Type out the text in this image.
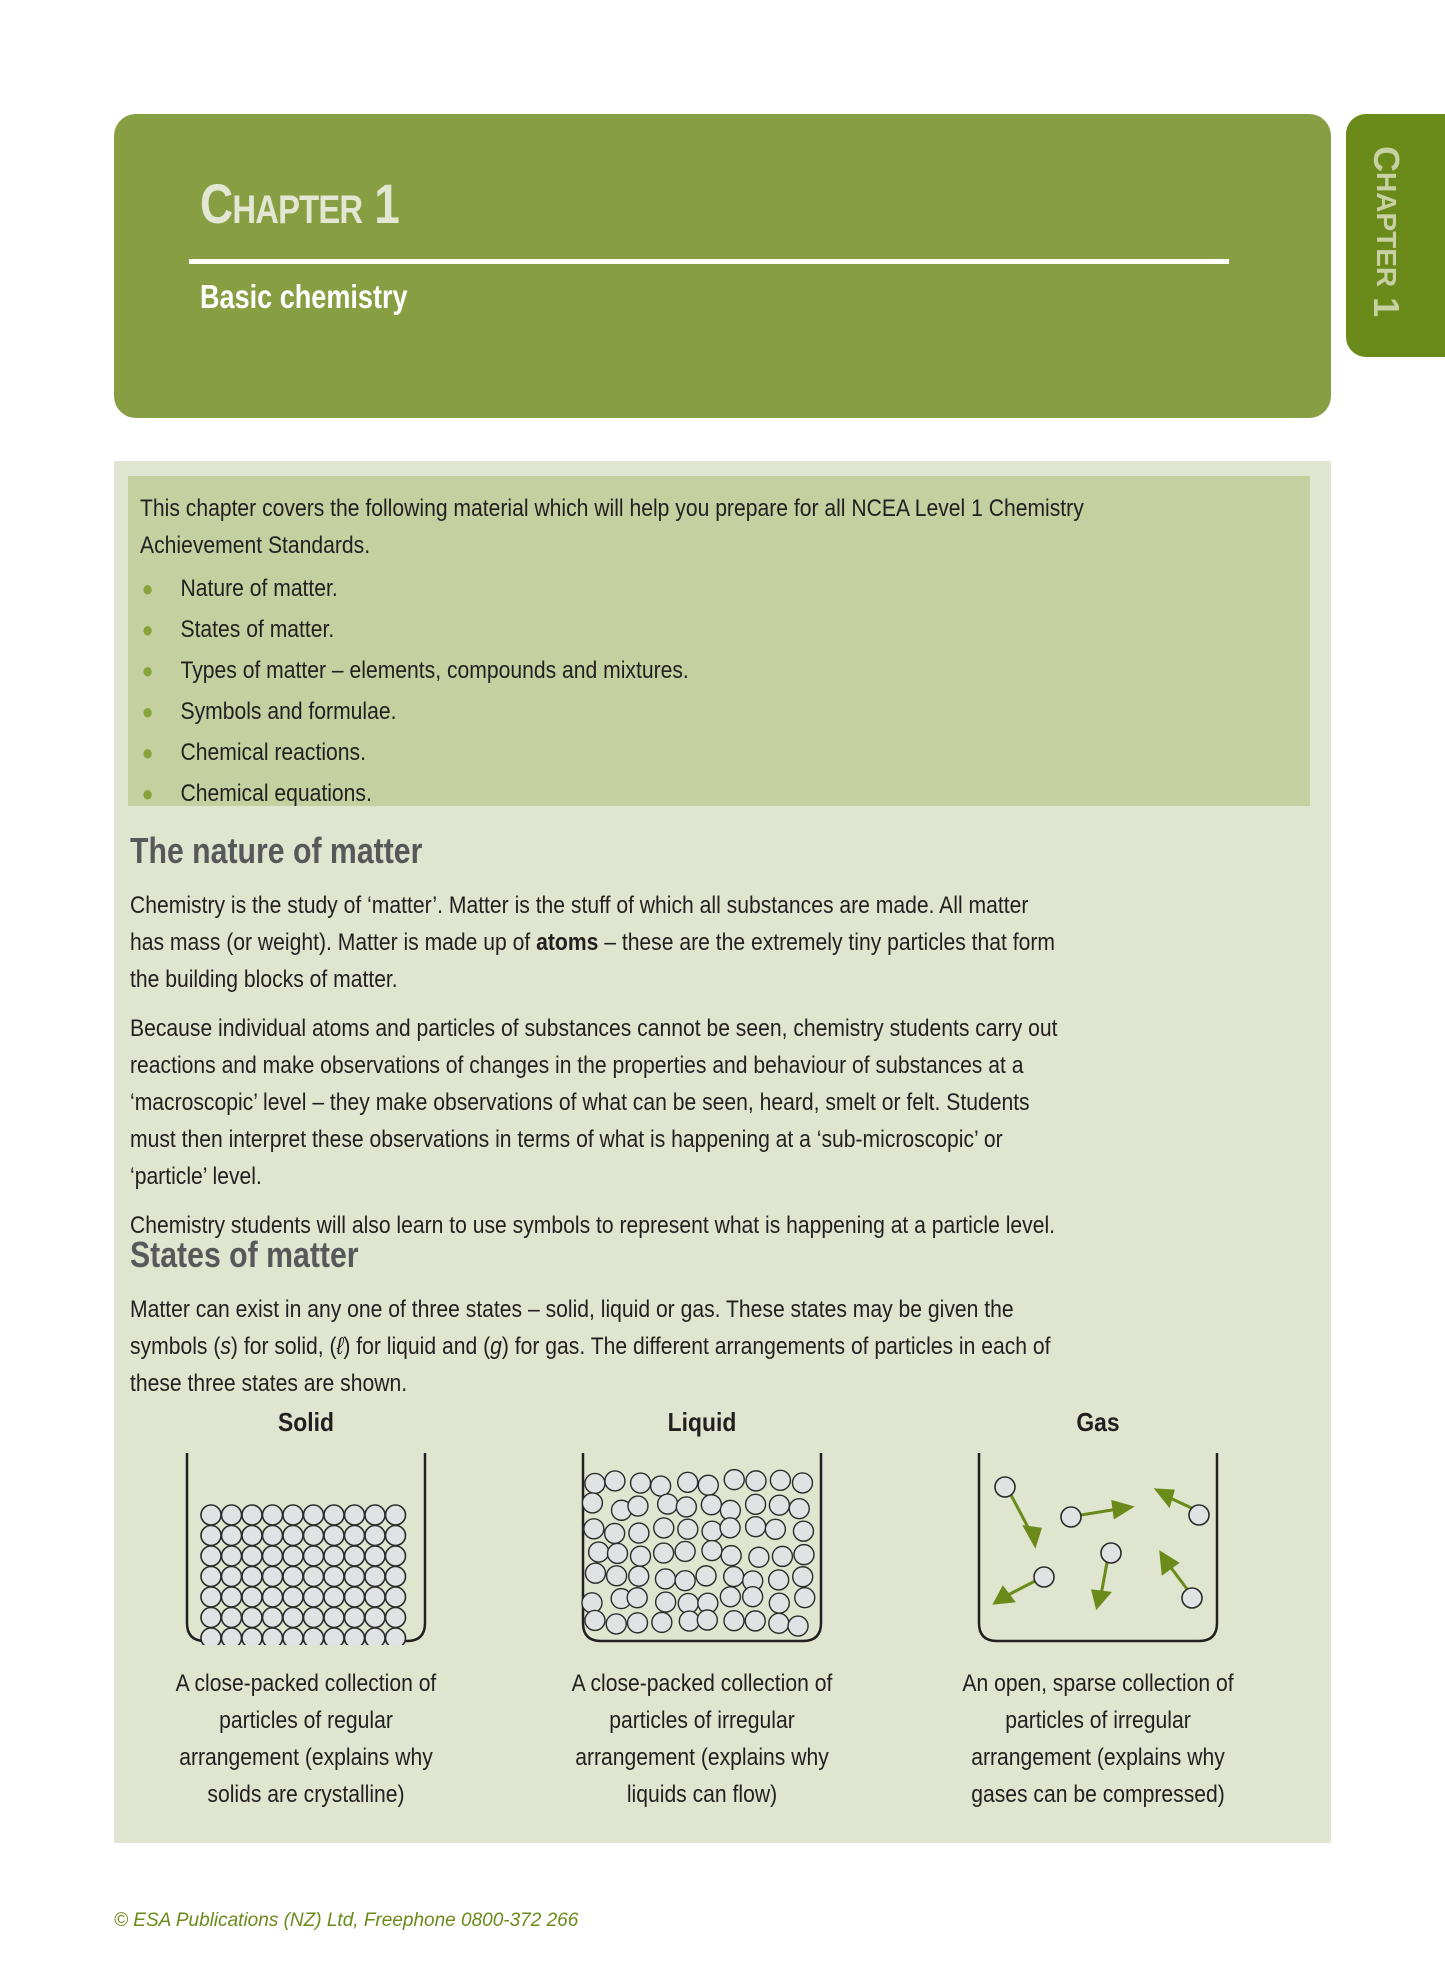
CHAPTER 1
Basic chemistry
CHAPTER 1
This chapter covers the following material which will help you prepare for all NCEA Level 1 Chemistry Achievement Standards.
● Nature of matter.
● States of matter.
● Types of matter – elements, compounds and mixtures.
● Symbols and formulae.
● Chemical reactions.
● Chemical equations.
The nature of matter

Chemistry is the study of ‘matter’. Matter is the stuff of which all substances are made. All matter has mass (or weight). Matter is made up of atoms – these are the extremely tiny particles that form the building blocks of matter.

Because individual atoms and particles of substances cannot be seen, chemistry students carry out reactions and make observations of changes in the properties and behaviour of substances at a ‘macroscopic’ level – they make observations of what can be seen, heard, smelt or felt. Students must then interpret these observations in terms of what is happening at a ‘sub-microscopic’ or ‘particle’ level.

Chemistry students will also learn to use symbols to represent what is happening at a particle level.

States of matter

Matter can exist in any one of three states – solid, liquid or gas. These states may be given the symbols (s) for solid, (ℓ) for liquid and (g) for gas. The different arrangements of particles in each of these three states are shown.

Solid
A close-packed collection of particles of regular arrangement (explains why solids are crystalline)
Liquid
A close-packed collection of particles of irregular arrangement (explains why liquids can flow)
Gas
An open, sparse collection of particles of irregular arrangement (explains why gases can be compressed)
© ESA Publications (NZ) Ltd, Freephone 0800-372 266
